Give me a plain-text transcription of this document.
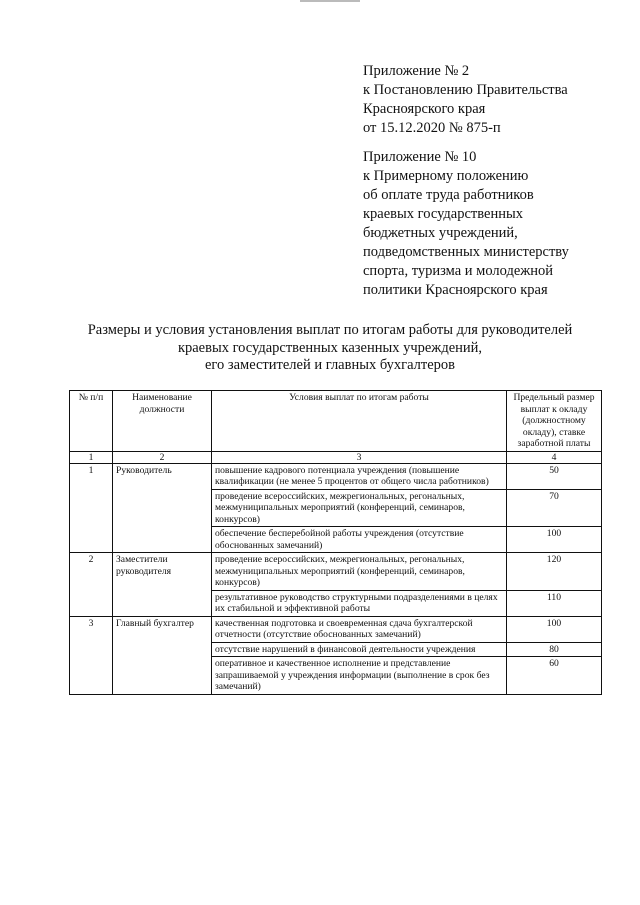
Приложение № 2
к Постановлению Правительства
Красноярского края
от 15.12.2020 № 875-п
Приложение № 10
к Примерному положению
об оплате труда работников
краевых государственных
бюджетных учреждений,
подведомственных министерству
спорта, туризма и молодежной
политики Красноярского края
Размеры и условия установления выплат по итогам работы для руководителей
краевых государственных казенных учреждений,
его заместителей и главных бухгалтеров
№ п/п	Наименование должности	Условия выплат по итогам работы	Предельный размер выплат к окладу (должностному окладу), ставке заработной платы
1	2	3	4
1	Руководитель	повышение кадрового потенциала учреждения (повышение квалификации (не менее 5 процентов от общего числа работников)	50
		проведение всероссийских, межрегиональных, регональных, межмуниципальных мероприятий (конференций, семинаров, конкурсов)	70
		обеспечение бесперебойной работы учреждения (отсутствие обоснованных замечаний)	100
2	Заместители руководителя	проведение всероссийских, межрегиональных, регональных, межмуниципальных мероприятий (конференций, семинаров, конкурсов)	120
		результативное руководство структурными подразделениями в целях их стабильной и эффективной работы	110
3	Главный бухгалтер	качественная подготовка и своевременная сдача бухгалтерской отчетности (отсутствие обоснованных замечаний)	100
		отсутствие нарушений в финансовой деятельности учреждения	80
		оперативное и качественное исполнение и представление запрашиваемой у учреждения информации (выполнение в срок без замечаний)	60
